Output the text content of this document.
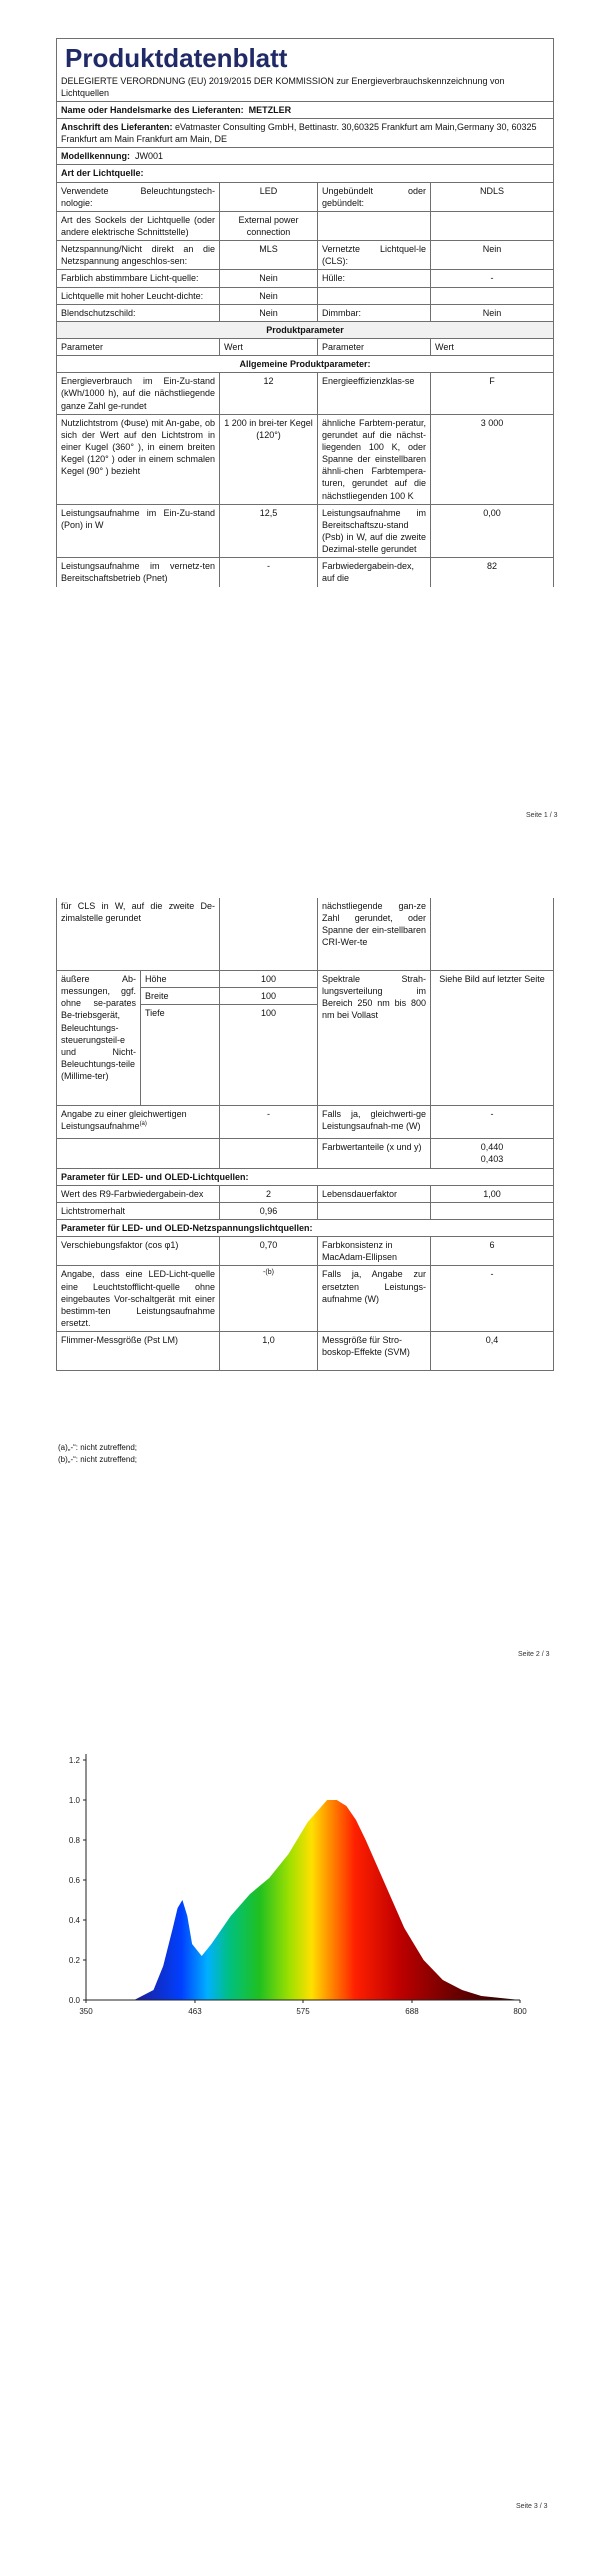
Produktdatenblatt
DELEGIERTE VERORDNUNG (EU) 2019/2015 DER KOMMISSION zur Energieverbrauchskennzeichnung von Lichtquellen			

Name oder Handelsmarke des Lieferanten: METZLER			
Anschrift des Lieferanten: eVatmaster Consulting GmbH, Bettinastr. 30,60325 Frankfurt am Main,Germany 30, 60325 Frankfurt am Main Frankfurt am Main, DE			
Modellkennung: JW001			
Art der Lichtquelle:			
Verwendete Beleuchtungstech-nologie:	LED	Ungebündelt oder gebündelt:	NDLS
Art des Sockels der Lichtquelle (oder andere elektrische Schnittstelle)	External power connection		
Netzspannung/Nicht direkt an die Netzspannung angeschlos-sen:	MLS	Vernetzte Lichtquel-le (CLS):	Nein
Farblich abstimmbare Licht-quelle:	Nein	Hülle:	-
Lichtquelle mit hoher Leucht-dichte:	Nein		
Blendschutzschild:	Nein	Dimmbar:	Nein
Produktparameter			
Parameter	Wert	Parameter	Wert
Allgemeine Produktparameter:			
Energieverbrauch im Ein-Zu-stand (kWh/1000 h), auf die nächstliegende ganze Zahl ge-rundet	12	Energieeffizienzklas-se	F
Nutzlichtstrom (Φuse) mit An-gabe, ob sich der Wert auf den Lichtstrom in einer Kugel (360° ), in einem breiten Kegel (120° ) oder in einem schmalen Kegel (90° ) bezieht	1 200 in brei-ter Kegel (120°)	ähnliche Farbtem-peratur, gerundet auf die nächst-liegenden 100 K, oder Spanne der einstellbaren ähnli-chen Farbtempera-turen, gerundet auf die nächstliegenden 100 K	3 000
Leistungsaufnahme im Ein-Zu-stand (Pon) in W	12,5	Leistungsaufnahme im Bereitschaftszu-stand (Psb) in W, auf die zweite Dezimal-stelle gerundet	0,00
Leistungsaufnahme im vernetz-ten Bereitschaftsbetrieb (Pnet)	-	Farbwiedergabein-dex, auf die	82
Seite 1 / 3
für CLS in W, auf die zweite De-zimalstelle gerundet			nächstliegende gan-ze Zahl gerundet, oder Spanne der ein-stellbaren CRI-Wer-te	
äußere Ab-messungen, ggf. ohne se-parates Be-triebsgerät, Beleuchtungs-steuerungsteil-e und Nicht-Beleuchtungs-teile (Millime-ter)	Höhe	100	Spektrale Strah-lungsverteilung im Bereich 250 nm bis 800 nm bei Vollast	Siehe Bild auf letzter Seite
	Breite	100		
	Tiefe	100		
Angabe zu einer gleichwertigen Leistungsaufnahme$^{(a)}$		-	Falls ja, gleichwerti-ge Leistungsaufnah-me (W)	-
			Farbwertanteile (x und y)	0,440
0,403

Parameter für LED- und OLED-Lichtquellen:				
Wert des R9-Farbwiedergabein-dex		2	Lebensdauerfaktor	1,00
Lichtstromerhalt		0,96		
Parameter für LED- und OLED-Netzspannungslichtquellen:				
Verschiebungsfaktor (cos φ1)		0,70	Farbkonsistenz in MacAdam-Ellipsen	6
Angabe, dass eine LED-Licht-quelle eine Leuchtstofflicht-quelle ohne eingebautes Vor-schaltgerät mit einer bestimm-ten Leistungsaufnahme ersetzt.		-(b)	Falls ja, Angabe zur ersetzten Leistungs-aufnahme (W)	-
Flimmer-Messgröße (Pst LM)		1,0	Messgröße für Stro-boskop-Effekte (SVM)	0,4
(a)„-“: nicht zutreffend;
(b)„-“: nicht zutreffend;
Seite 2 / 3
0.0
0.2
0.4
0.6
0.8
1.0
1.2
350	463	575	688	800
Seite 3 / 3
